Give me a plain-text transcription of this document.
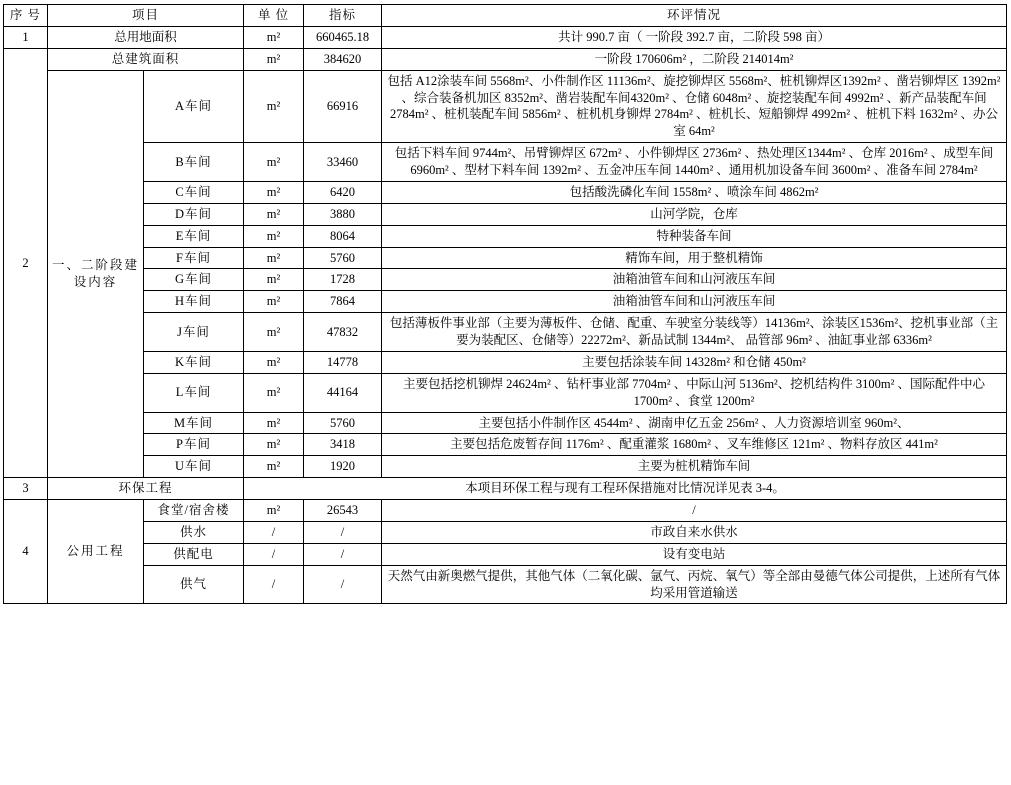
序 号	项目		单 位	指标	环评情况
1	总用地面积		m²	660465.18	共计 990.7 亩（ 一阶段 392.7 亩，二阶段 598 亩）
2	总建筑面积		m²	384620	一阶段 170606m² ，二阶段 214014m²
	一、二阶段建设内容	A车间	m²	66916	包括 A12涂装车间 5568m²、小件制作区 11136m²、旋挖铆焊区 5568m²、桩机铆焊区1392m² 、凿岩铆焊区 1392m² 、综合装备机加区 8352m²、凿岩装配车间4320m² 、仓储 6048m² 、旋挖装配车间 4992m² 、新产品装配车间 2784m² 、桩机装配车间 5856m² 、桩机机身铆焊 2784m² 、桩机长、短船铆焊 4992m² 、桩机下料 1632m² 、办公室 64m²
		B车间	m²	33460	包括下料车间 9744m²、吊臂铆焊区 672m² 、小件铆焊区 2736m² 、热处理区1344m² 、仓库 2016m² 、成型车间 6960m² 、型材下料车间 1392m² 、五金冲压车间 1440m² 、通用机加设备车间 3600m² 、准备车间 2784m²
		C车间	m²	6420	包括酸洗磷化车间 1558m² 、喷涂车间 4862m²
		D车间	m²	3880	山河学院，仓库
		E车间	m²	8064	特种装备车间
		F车间	m²	5760	精饰车间，用于整机精饰
		G车间	m²	1728	油箱油管车间和山河液压车间
		H车间	m²	7864	油箱油管车间和山河液压车间
		J车间	m²	47832	包括薄板件事业部（主要为薄板件、仓储、配重、车驶室分装线等）14136m²、涂装区1536m²、挖机事业部（主要为装配区、仓储等）22272m²、新品试制 1344m²、 品管部 96m² 、油缸事业部 6336m²
		K车间	m²	14778	主要包括涂装车间 14328m² 和仓储 450m²
		L车间	m²	44164	主要包括挖机铆焊 24624m² 、钻杆事业部 7704m² 、中际山河 5136m²、挖机结构件 3100m² 、国际配件中心 1700m² 、食堂 1200m²
		M车间	m²	5760	主要包括小件制作区 4544m² 、湖南申亿五金 256m² 、人力资源培训室 960m²、
		P车间	m²	3418	主要包括危废暂存间 1176m² 、配重灌浆 1680m² 、叉车维修区 121m² 、物料存放区 441m²
		U车间	m²	1920	主要为桩机精饰车间
3	环保工程		本项目环保工程与现有工程环保措施对比情况详见表 3-4。		
4	公用工程	食堂/宿舍楼	m²	26543	/
		供水	/	/	市政自来水供水
		供配电	/	/	设有变电站
		供气	/	/	天然气由新奥燃气提供，其他气体（二氧化碳、氩气、丙烷、氧气）等全部由曼德气体公司提供，上述所有气体均采用管道输送
